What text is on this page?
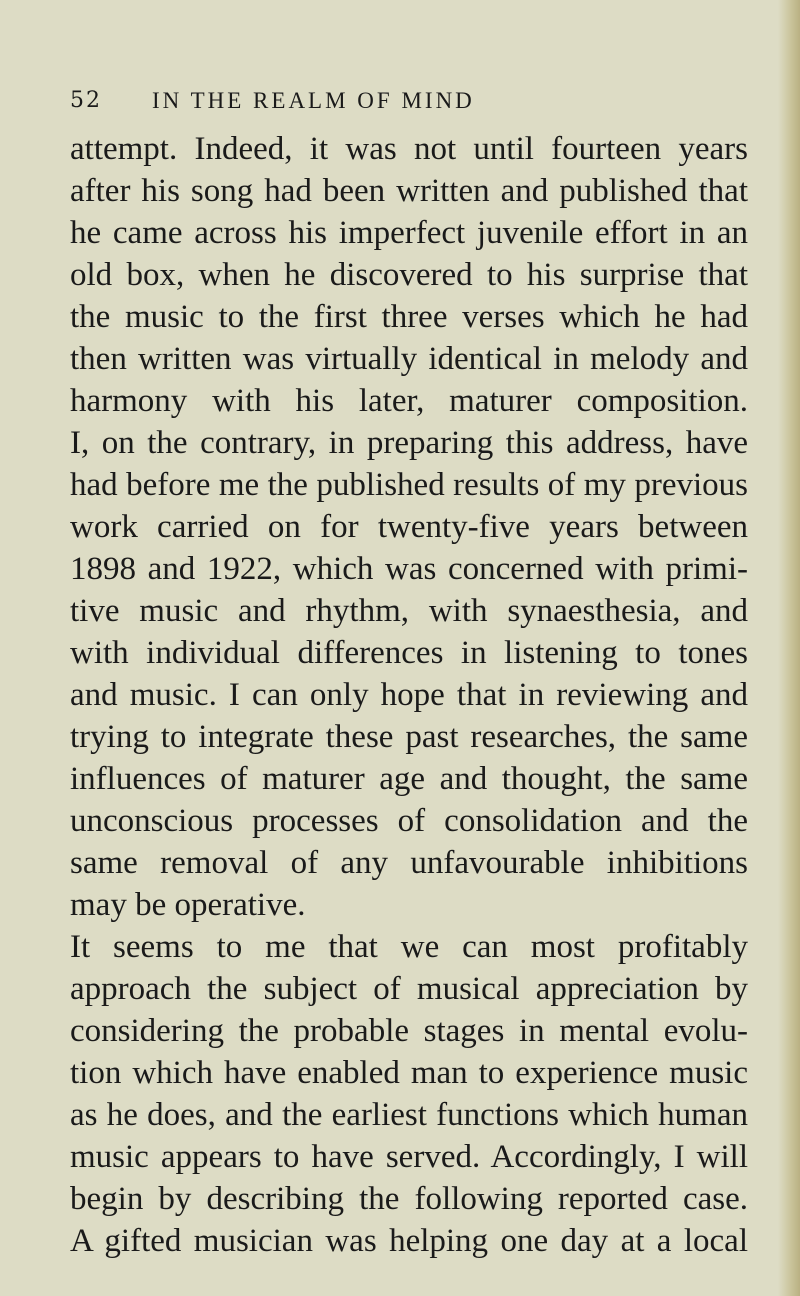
52 IN THE REALM OF MIND
attempt. Indeed, it was not until fourteen years
after his song had been written and published that
he came across his imperfect juvenile effort in an
old box, when he discovered to his surprise that
the music to the first three verses which he had
then written was virtually identical in melody and
harmony with his later, maturer composition.
I, on the contrary, in preparing this address, have
had before me the published results of my previous
work carried on for twenty-five years between
1898 and 1922, which was concerned with primi-
tive music and rhythm, with synaesthesia, and
with individual differences in listening to tones
and music. I can only hope that in reviewing and
trying to integrate these past researches, the same
influences of maturer age and thought, the same
unconscious processes of consolidation and the
same removal of any unfavourable inhibitions
may be operative.
It seems to me that we can most profitably
approach the subject of musical appreciation by
considering the probable stages in mental evolu-
tion which have enabled man to experience music
as he does, and the earliest functions which human
music appears to have served. Accordingly, I will
begin by describing the following reported case.
A gifted musician was helping one day at a local
